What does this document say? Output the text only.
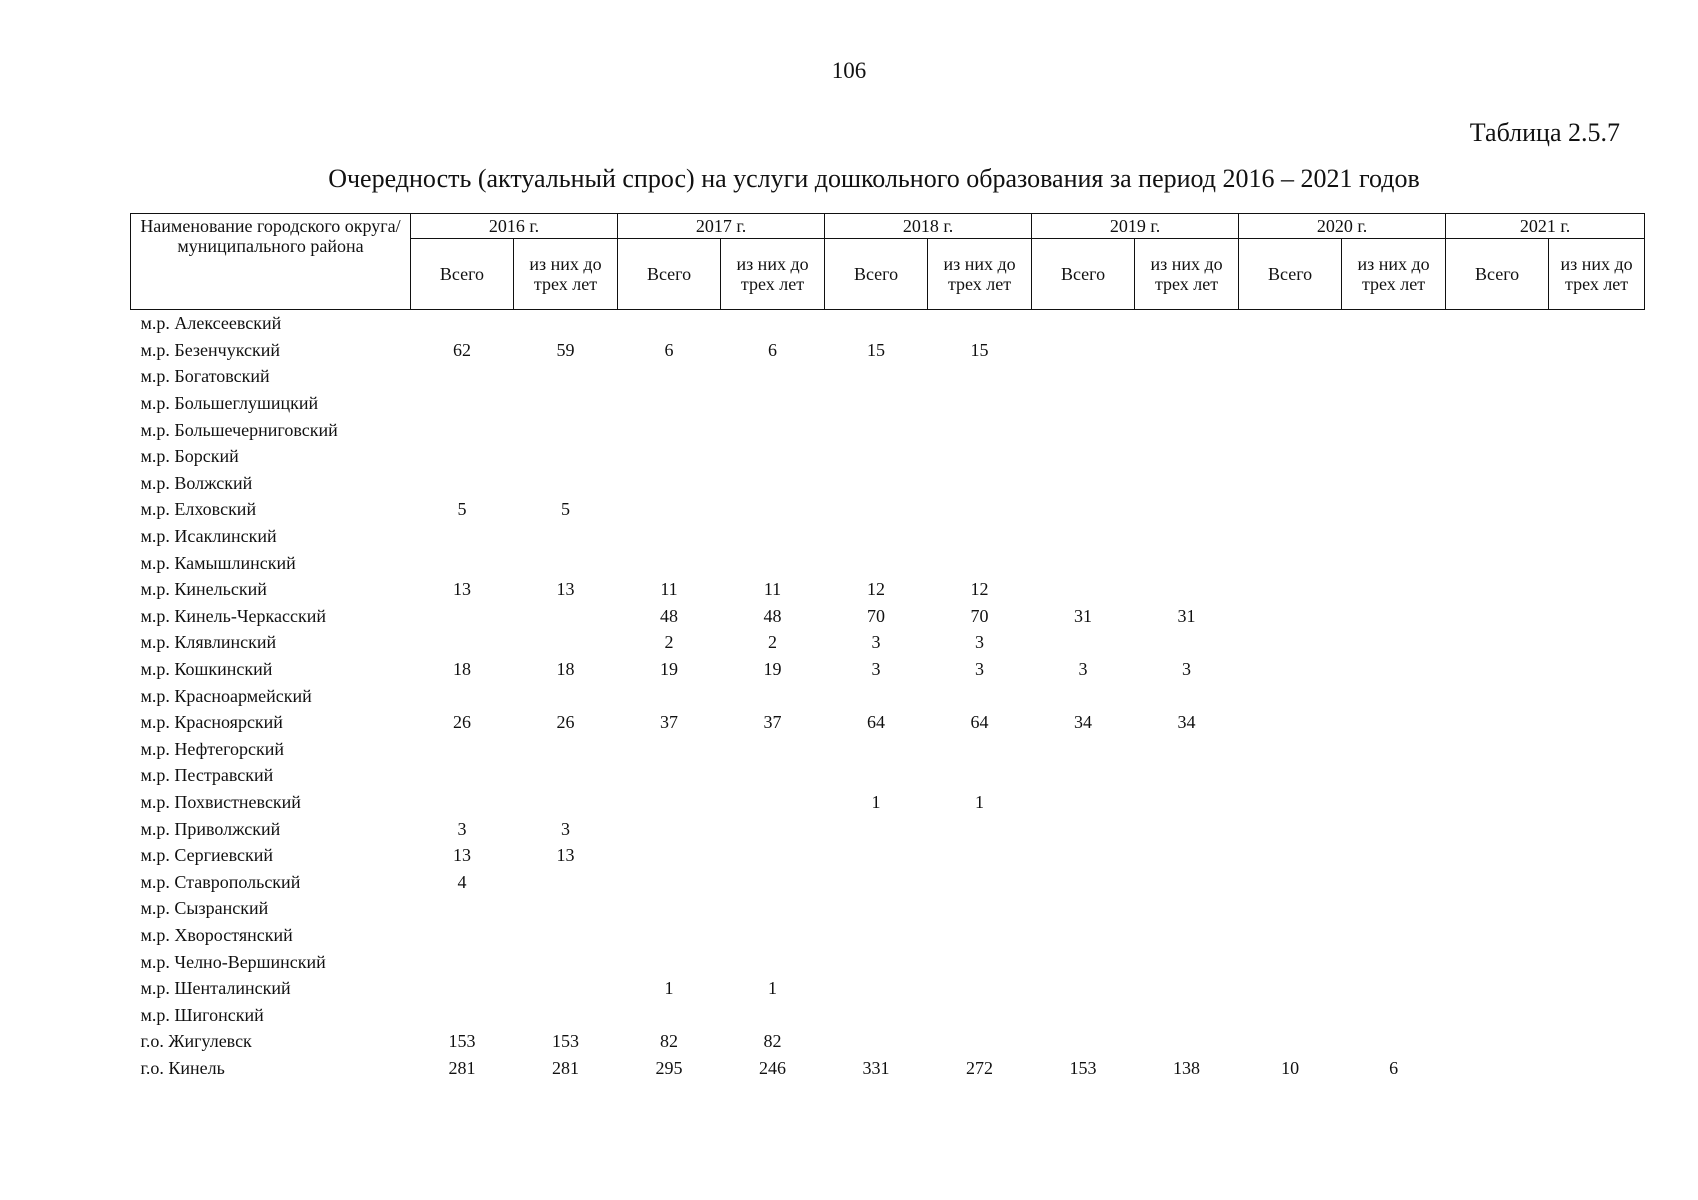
106
Таблица 2.5.7
Очередность (актуальный спрос) на услуги дошкольного образования за период 2016 – 2021 годов
Наименование городского округа/ муниципального района	2016 г.		2017 г.		2018 г.		2019 г.		2020 г.		2021 г.	
	Всего	из них до трех лет	Всего	из них до трех лет	Всего	из них до трех лет	Всего	из них до трех лет	Всего	из них до трех лет	Всего	из них до трех лет
м.р. Алексеевский												
м.р. Безенчукский	62	59	6	6	15	15						
м.р. Богатовский												
м.р. Большеглушицкий												
м.р. Большечерниговский												
м.р. Борский												
м.р. Волжский												
м.р. Елховский	5	5										
м.р. Исаклинский												
м.р. Камышлинский												
м.р. Кинельский	13	13	11	11	12	12						
м.р. Кинель-Черкасский			48	48	70	70	31	31				
м.р. Клявлинский			2	2	3	3						
м.р. Кошкинский	18	18	19	19	3	3	3	3				
м.р. Красноармейский												
м.р. Красноярский	26	26	37	37	64	64	34	34				
м.р. Нефтегорский												
м.р. Пестравский												
м.р. Похвистневский					1	1						
м.р. Приволжский	3	3										
м.р. Сергиевский	13	13										
м.р. Ставропольский	4											
м.р. Сызранский												
м.р. Хворостянский												
м.р. Челно-Вершинский												
м.р. Шенталинский			1	1								
м.р. Шигонский												
г.о. Жигулевск	153	153	82	82								
г.о. Кинель	281	281	295	246	331	272	153	138	10	6		
